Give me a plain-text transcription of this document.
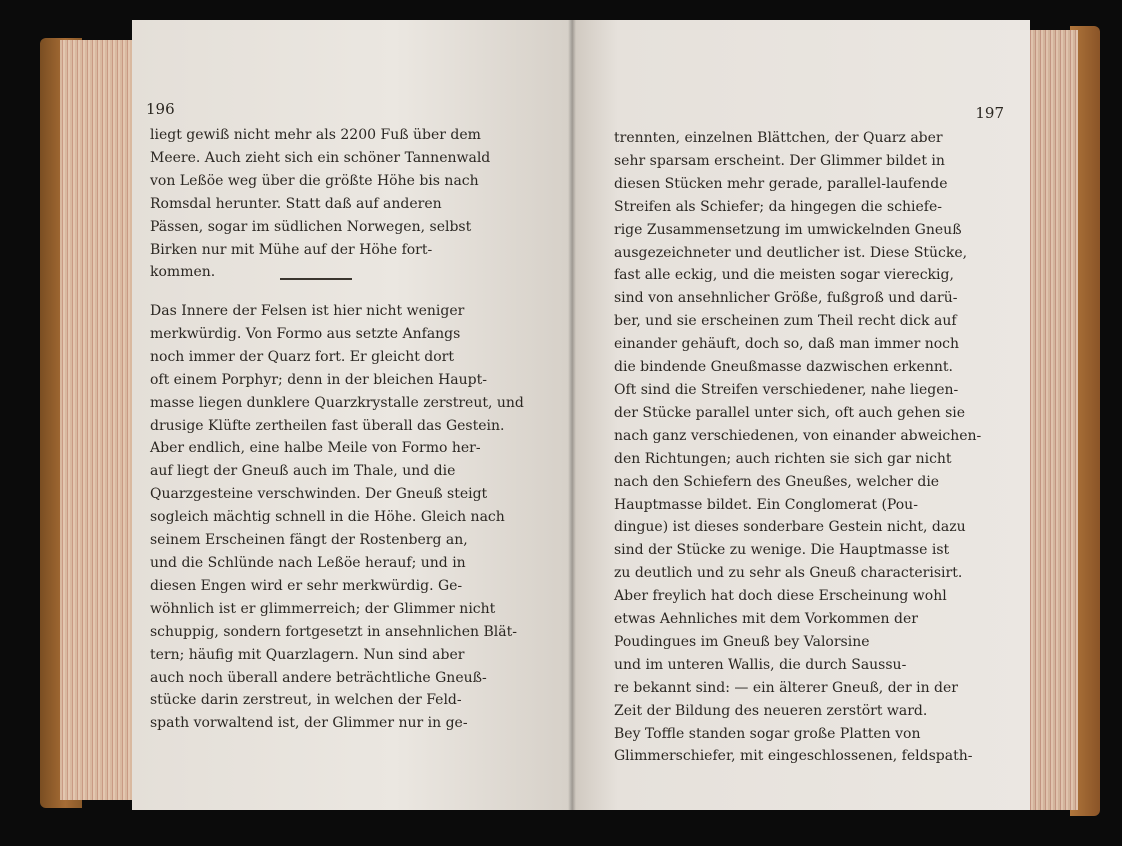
196
liegt gewiß nicht mehr als 2200 Fuß über dem
Meere. Auch zieht sich ein schöner Tannenwald
von Leßöe weg über die größte Höhe bis nach
Romsdal herunter. Statt daß auf anderen
Pässen, sogar im südlichen Norwegen, selbst
Birken nur mit Mühe auf der Höhe fort-
kommen.
Das Innere der Felsen ist hier nicht weniger
merkwürdig. Von Formo aus setzte Anfangs
noch immer der Quarz fort. Er gleicht dort
oft einem Porphyr; denn in der bleichen Haupt-
masse liegen dunklere Quarzkrystalle zerstreut, und
drusige Klüfte zertheilen fast überall das Gestein.
Aber endlich, eine halbe Meile von Formo her-
auf liegt der Gneuß auch im Thale, und die
Quarzgesteine verschwinden. Der Gneuß steigt
sogleich mächtig schnell in die Höhe. Gleich nach
seinem Erscheinen fängt der Rostenberg an,
und die Schlünde nach Leßöe herauf; und in
diesen Engen wird er sehr merkwürdig. Ge-
wöhnlich ist er glimmerreich; der Glimmer nicht
schuppig, sondern fortgesetzt in ansehnlichen Blät-
tern; häufig mit Quarzlagern. Nun sind aber
auch noch überall andere beträchtliche Gneuß-
stücke darin zerstreut, in welchen der Feld-
spath vorwaltend ist, der Glimmer nur in ge-
197
trennten, einzelnen Blättchen, der Quarz aber
sehr sparsam erscheint. Der Glimmer bildet in
diesen Stücken mehr gerade, parallel-laufende
Streifen als Schiefer; da hingegen die schiefe-
rige Zusammensetzung im umwickelnden Gneuß
ausgezeichneter und deutlicher ist. Diese Stücke,
fast alle eckig, und die meisten sogar viereckig,
sind von ansehnlicher Größe, fußgroß und darü-
ber, und sie erscheinen zum Theil recht dick auf
einander gehäuft, doch so, daß man immer noch
die bindende Gneußmasse dazwischen erkennt.
Oft sind die Streifen verschiedener, nahe liegen-
der Stücke parallel unter sich, oft auch gehen sie
nach ganz verschiedenen, von einander abweichen-
den Richtungen; auch richten sie sich gar nicht
nach den Schiefern des Gneußes, welcher die
Hauptmasse bildet. Ein Conglomerat (Pou-
dingue) ist dieses sonderbare Gestein nicht, dazu
sind der Stücke zu wenige. Die Hauptmasse ist
zu deutlich und zu sehr als Gneuß characterisirt.
Aber freylich hat doch diese Erscheinung wohl
etwas Aehnliches mit dem Vorkommen der
Poudingues im Gneuß bey Valorsine
und im unteren Wallis, die durch Saussu-
re bekannt sind: — ein älterer Gneuß, der in der
Zeit der Bildung des neueren zerstört ward.
Bey Toffle standen sogar große Platten von
Glimmerschiefer, mit eingeschlossenen, feldspath-
